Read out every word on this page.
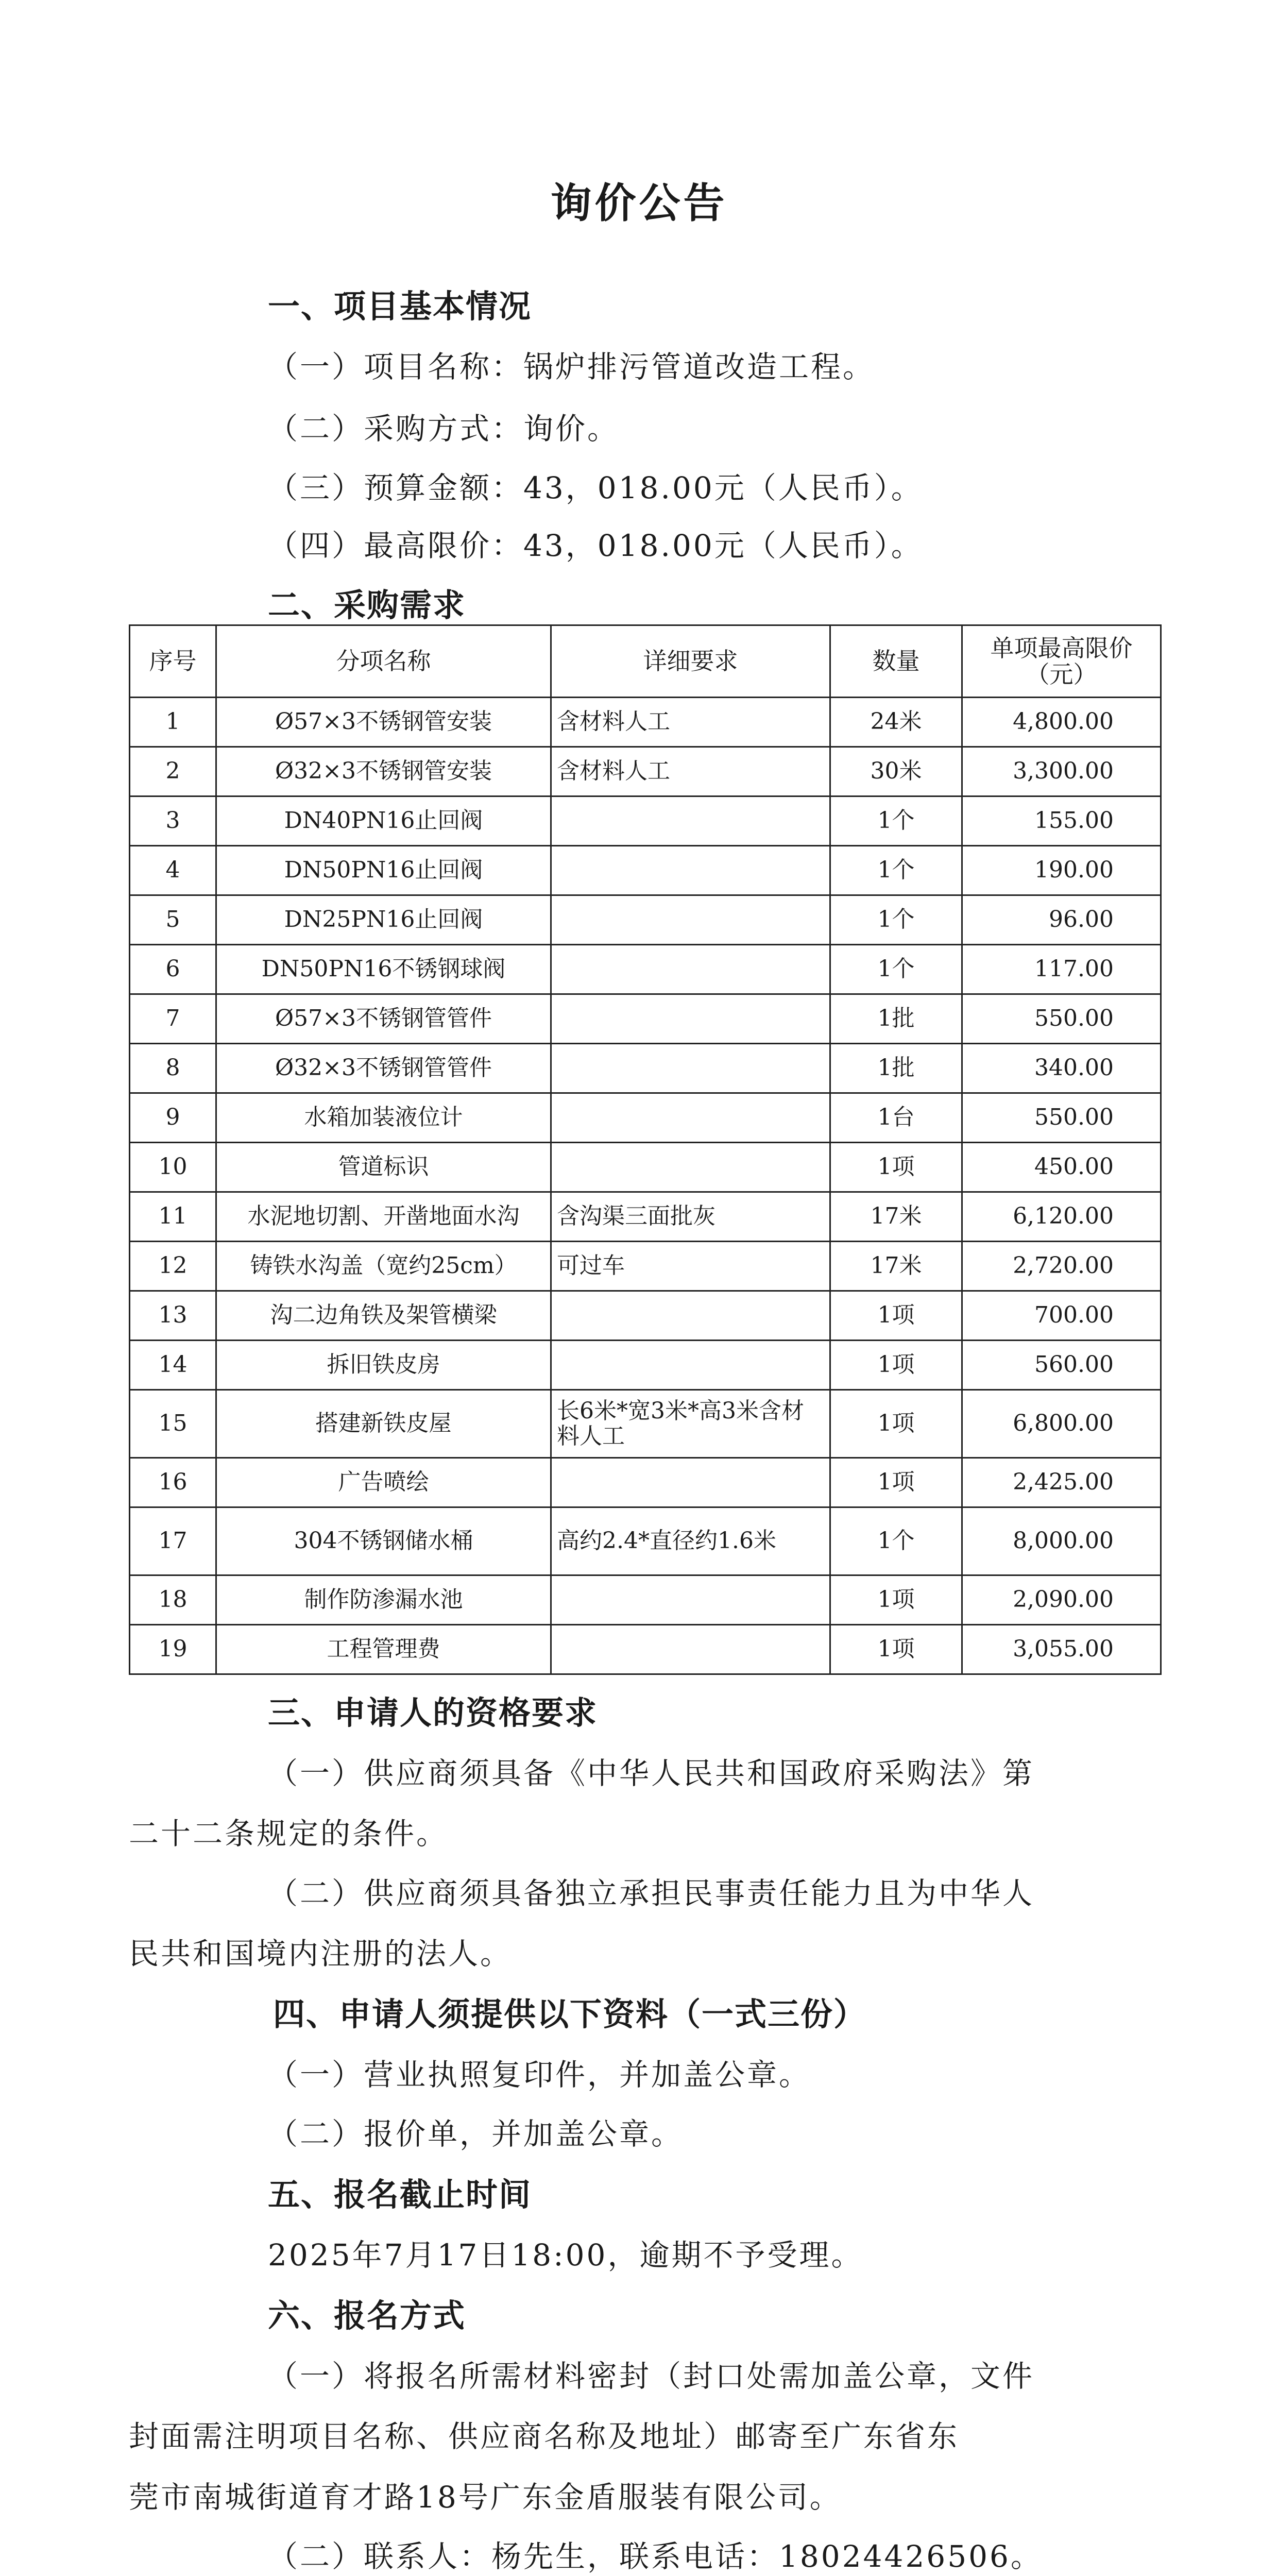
询价公告
一、项目基本情况
（一）项目名称：锅炉排污管道改造工程。
（二）采购方式：询价。
（三）预算金额：43，018.00元（人民币）。
（四）最高限价：43，018.00元（人民币）。
二、采购需求
序号	分项名称	详细要求	数量	单项最高限价（元）
1	Ø57×3不锈钢管安装	含材料人工	24米	4,800.00
2	Ø32×3不锈钢管安装	含材料人工	30米	3,300.00
3	DN40PN16止回阀		1个	155.00
4	DN50PN16止回阀		1个	190.00
5	DN25PN16止回阀		1个	96.00
6	DN50PN16不锈钢球阀		1个	117.00
7	Ø57×3不锈钢管管件		1批	550.00
8	Ø32×3不锈钢管管件		1批	340.00
9	水箱加装液位计		1台	550.00
10	管道标识		1项	450.00
11	水泥地切割、开凿地面水沟	含沟渠三面批灰	17米	6,120.00
12	铸铁水沟盖（宽约25cm）	可过车	17米	2,720.00
13	沟二边角铁及架管横梁		1项	700.00
14	拆旧铁皮房		1项	560.00
15	搭建新铁皮屋	长6米*宽3米*高3米含材料人工	1项	6,800.00
16	广告喷绘		1项	2,425.00
17	304不锈钢储水桶	高约2.4*直径约1.6米	1个	8,000.00
18	制作防渗漏水池		1项	2,090.00
19	工程管理费		1项	3,055.00
三、申请人的资格要求
（一）供应商须具备《中华人民共和国政府采购法》第
二十二条规定的条件。
（二）供应商须具备独立承担民事责任能力且为中华人
民共和国境内注册的法人。
四、申请人须提供以下资料（一式三份）
（一）营业执照复印件，并加盖公章。
（二）报价单，并加盖公章。
五、报名截止时间
2025年7月17日18:00，逾期不予受理。
六、报名方式
（一）将报名所需材料密封（封口处需加盖公章，文件
封面需注明项目名称、供应商名称及地址）邮寄至广东省东
莞市南城街道育才路18号广东金盾服装有限公司。
（二）联系人：杨先生，联系电话：18024426506。
